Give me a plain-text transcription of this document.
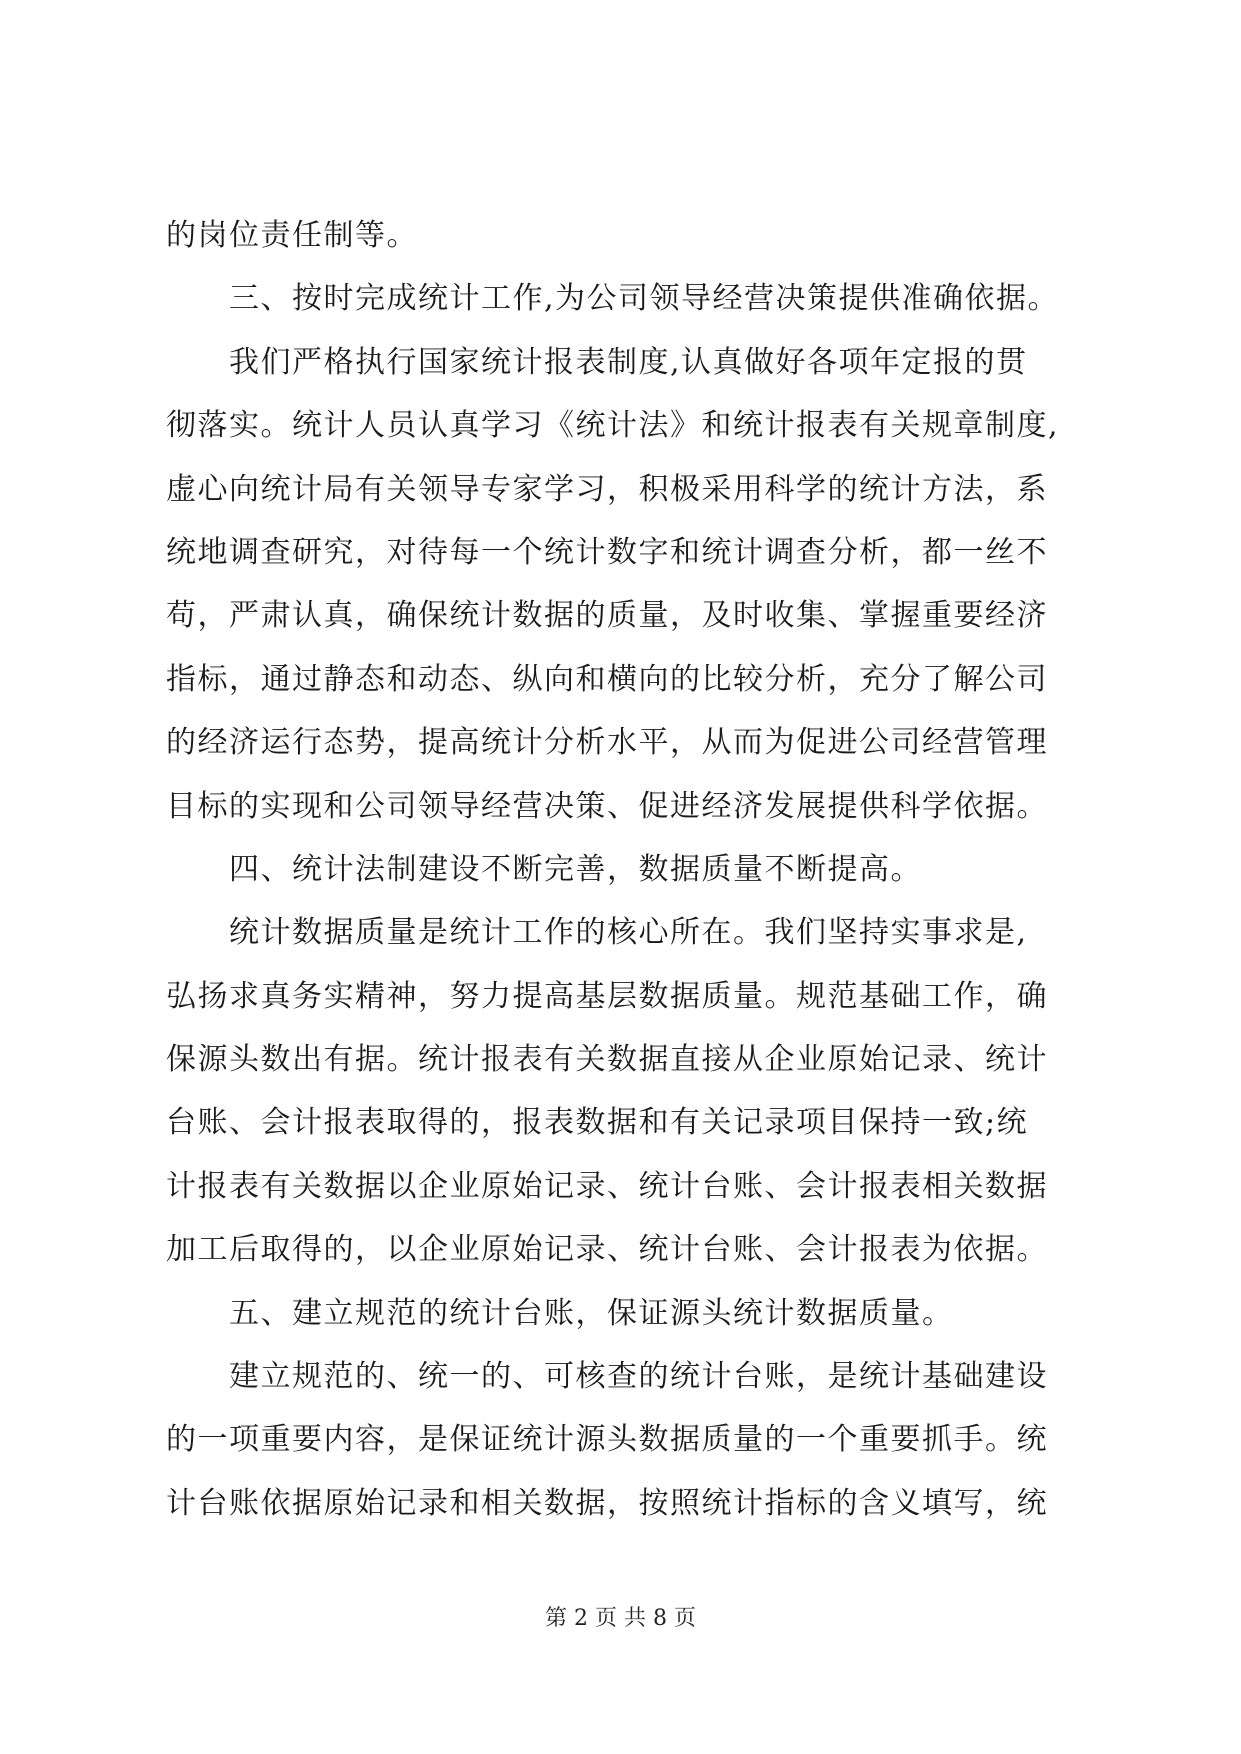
的岗位责任制等。
三、按时完成统计工作,为公司领导经营决策提供准确依据。
我们严格执行国家统计报表制度,认真做好各项年定报的贯
彻落实。统计人员认真学习《统计法》和统计报表有关规章制度,
虚心向统计局有关领导专家学习，积极采用科学的统计方法，系
统地调查研究，对待每一个统计数字和统计调查分析，都一丝不
苟，严肃认真，确保统计数据的质量，及时收集、掌握重要经济
指标，通过静态和动态、纵向和横向的比较分析，充分了解公司
的经济运行态势，提高统计分析水平，从而为促进公司经营管理
目标的实现和公司领导经营决策、促进经济发展提供科学依据。
四、统计法制建设不断完善，数据质量不断提高。
统计数据质量是统计工作的核心所在。我们坚持实事求是,
弘扬求真务实精神，努力提高基层数据质量。规范基础工作，确
保源头数出有据。统计报表有关数据直接从企业原始记录、统计
台账、会计报表取得的，报表数据和有关记录项目保持一致;统
计报表有关数据以企业原始记录、统计台账、会计报表相关数据
加工后取得的，以企业原始记录、统计台账、会计报表为依据。
五、建立规范的统计台账，保证源头统计数据质量。
建立规范的、统一的、可核查的统计台账，是统计基础建设
的一项重要内容，是保证统计源头数据质量的一个重要抓手。统
计台账依据原始记录和相关数据，按照统计指标的含义填写，统
第 2 页 共 8 页
